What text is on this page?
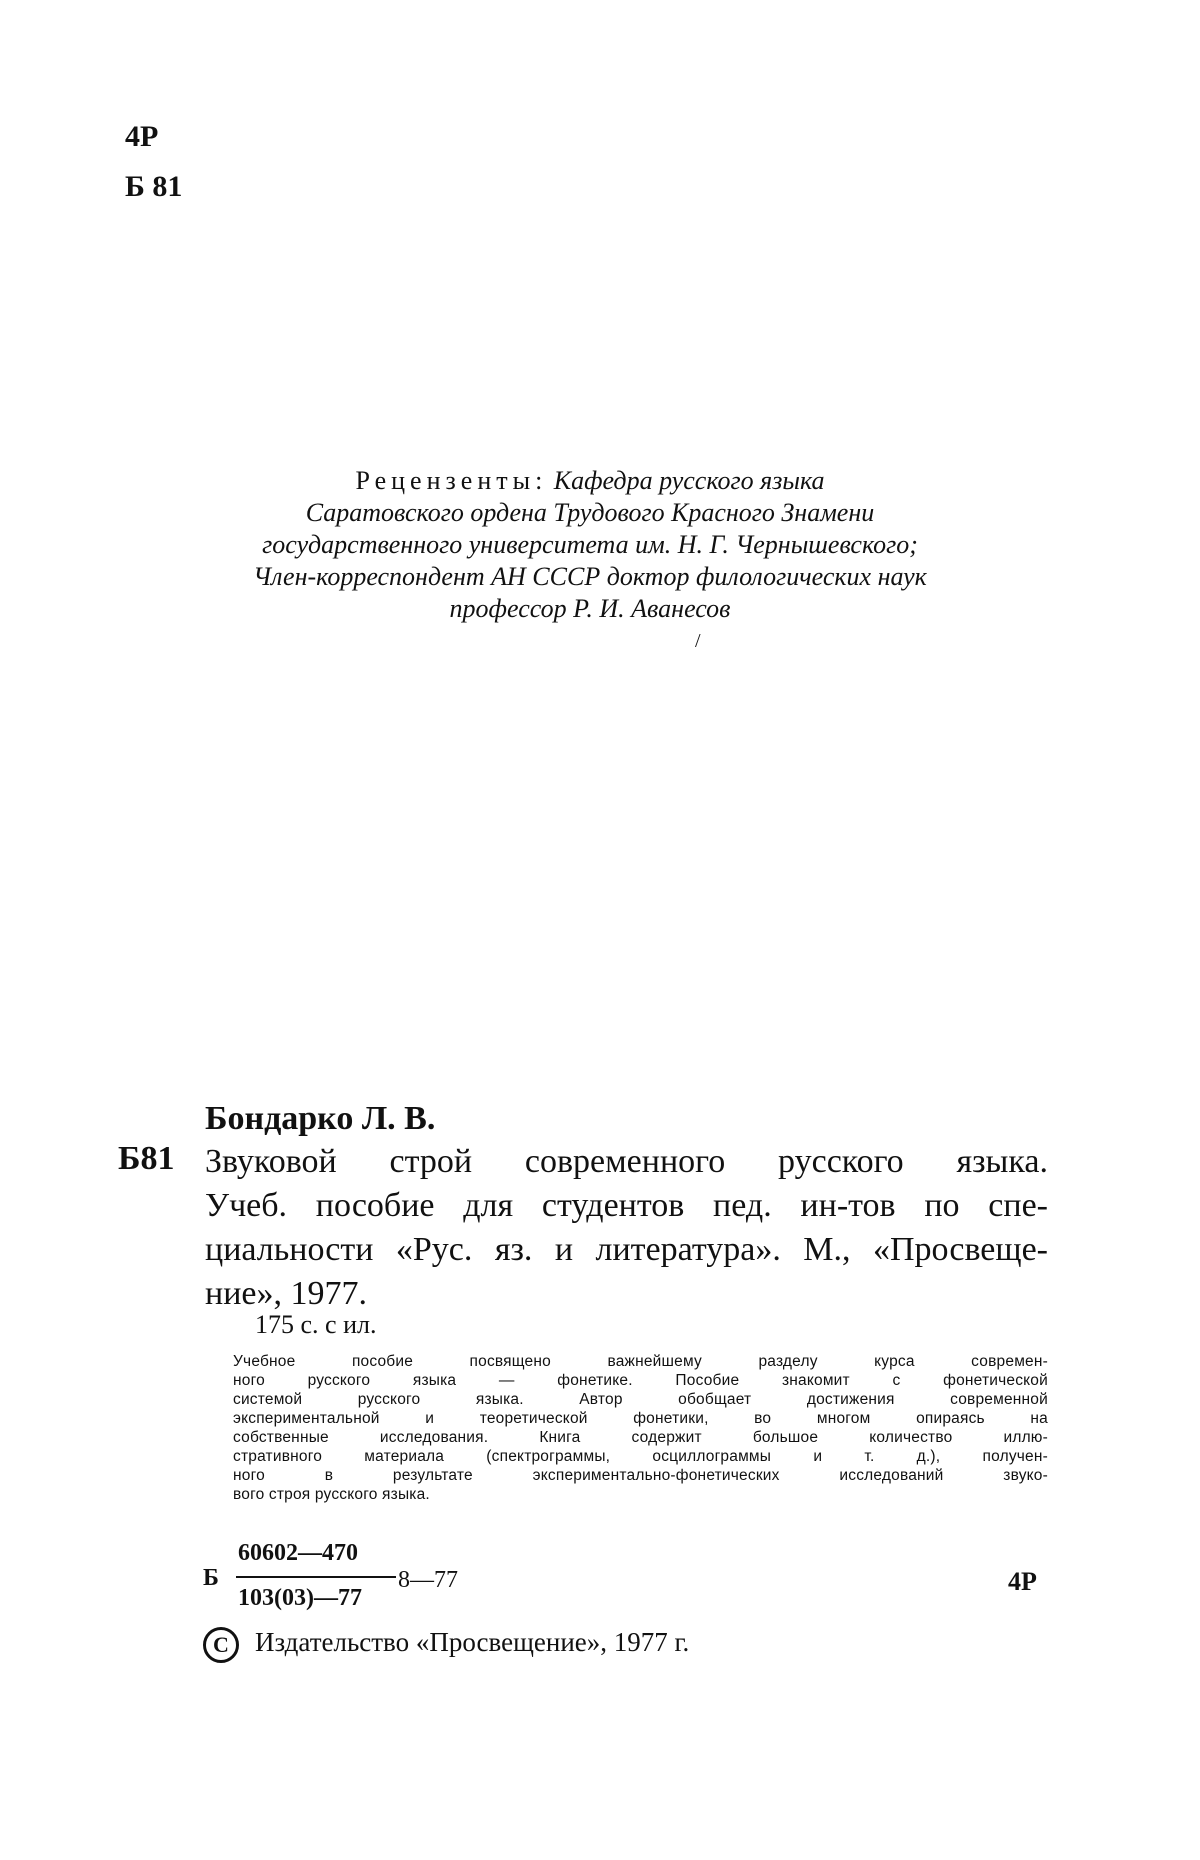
4Р
Б 81
Рецензенты: Кафедра русского языка
Саратовского ордена Трудового Красного Знамени
государственного университета им. Н. Г. Чернышевского;
Член-корреспондент АН СССР доктор филологических наук
профессор Р. И. Аванесов
/
Бондарко Л. В.
Б81 Звуковой строй современного русского языка.
Учеб. пособие для студентов пед. ин-тов по спе-
циальности «Рус. яз. и литература». М., «Просвеще-
ние», 1977.
175 с. с ил.
Учебное пособие посвящено важнейшему разделу курса современ-
ного русского языка — фонетике. Пособие знакомит с фонетической
системой русского языка. Автор обобщает достижения современной
экспериментальной и теоретической фонетики, во многом опираясь на
собственные исследования. Книга содержит большое количество иллю-
стративного материала (спектрограммы, осциллограммы и т. д.), получен-
ного в результате экспериментально-фонетических исследований звуко-
вого строя русского языка.
Б
60602—470
103(03)—77
8—77	4Р
C Издательство «Просвещение», 1977 г.
